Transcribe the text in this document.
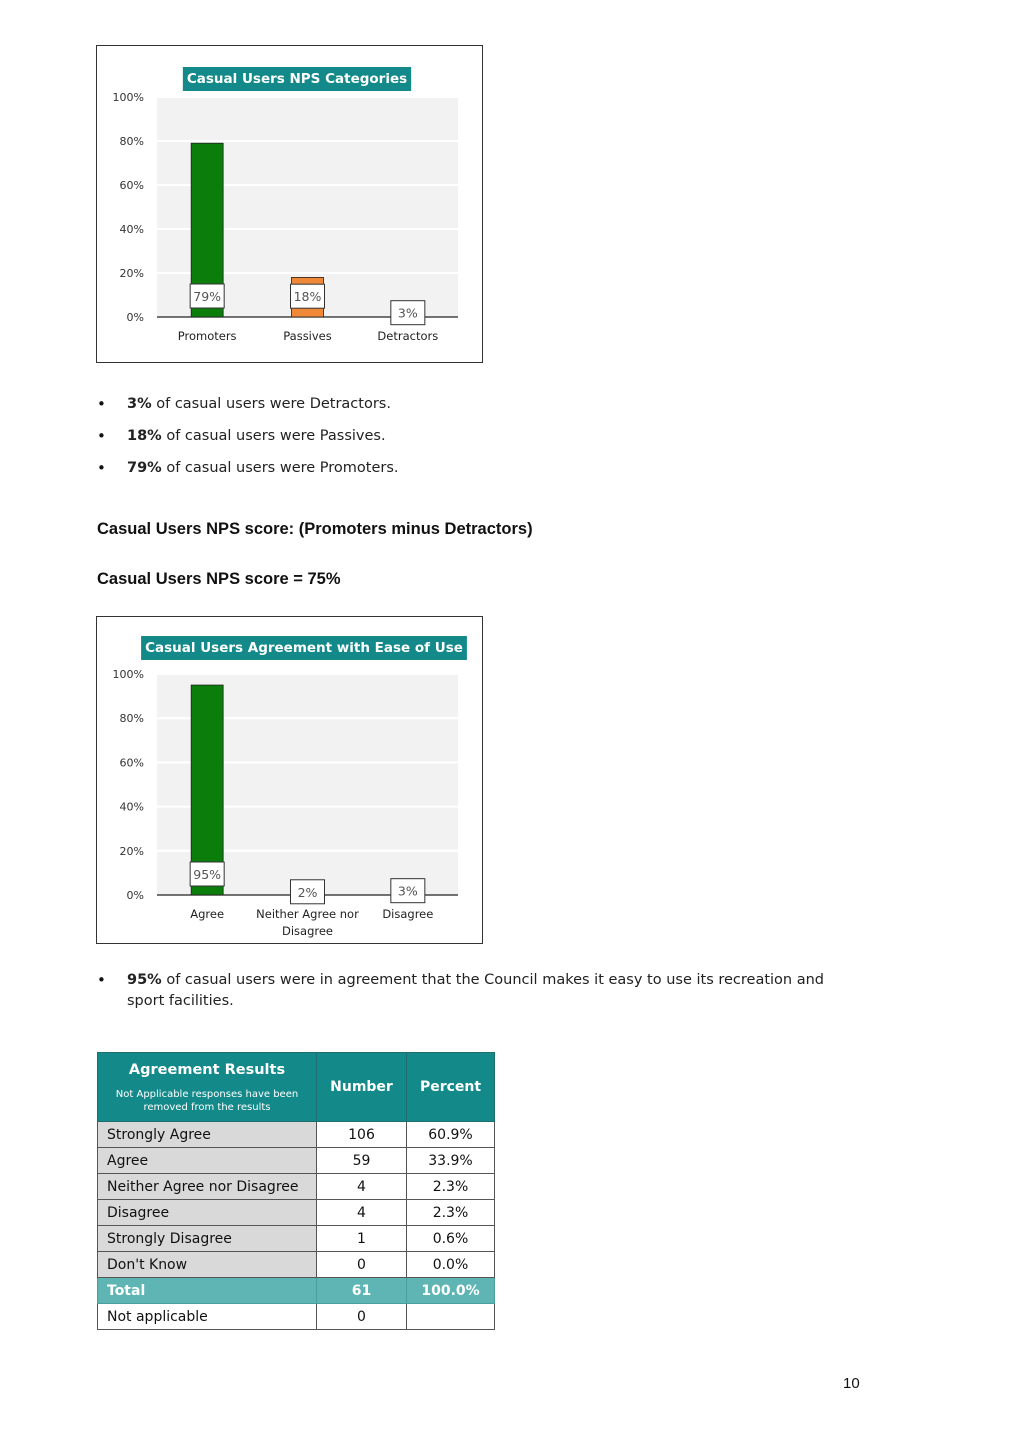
0%
20%
40%
60%
80%
100%
Casual Users NPS Categories
79%
Promoters
18%
Passives
3%
Detractors
• 3% of casual users were Detractors.
• 18% of casual users were Passives.
• 79% of casual users were Promoters.

Casual Users NPS score: (Promoters minus Detractors)

Casual Users NPS score = 75%

0%
20%
40%
60%
80%
100%
Casual Users Agreement with Ease of Use
95%
Agree
2%
Neither Agree nor
Disagree
3%
Disagree
• 95% of casual users were in agreement that the Council makes it easy to use its recreation and sport facilities.
Agreement Results
Not Applicable responses have been removed from the results	Number	Percent
Strongly Agree	106	60.9%
Agree	59	33.9%
Neither Agree nor Disagree	4	2.3%
Disagree	4	2.3%
Strongly Disagree	1	0.6%
Don't Know	0	0.0%
Total	61	100.0%
Not applicable	0	
10
